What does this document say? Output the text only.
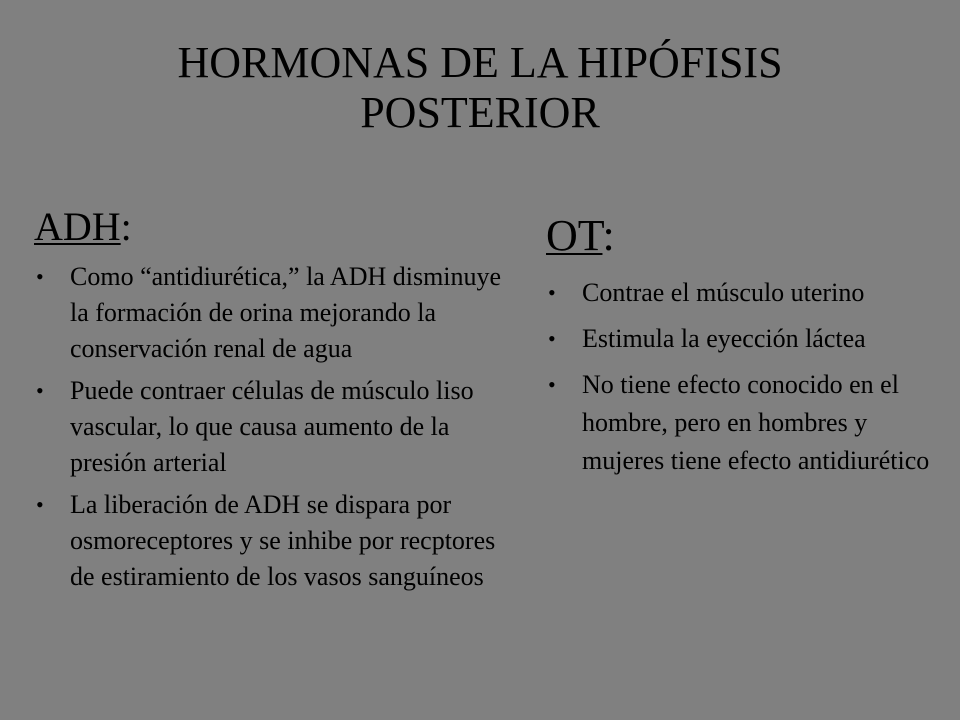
HORMONAS DE LA HIPÓFISIS
POSTERIOR
ADH:
• Como “antidiurética,” la ADH disminuye la formación de orina mejorando la conservación renal de agua
• Puede contraer células de músculo liso vascular, lo que causa aumento de la presión arterial
• La liberación de ADH se dispara por osmoreceptores y se inhibe por recptores de estiramiento de los vasos sanguíneos
OT:
• Contrae el músculo uterino
• Estimula la eyección láctea
• No tiene efecto conocido en el hombre, pero en hombres y mujeres tiene efecto antidiurético
